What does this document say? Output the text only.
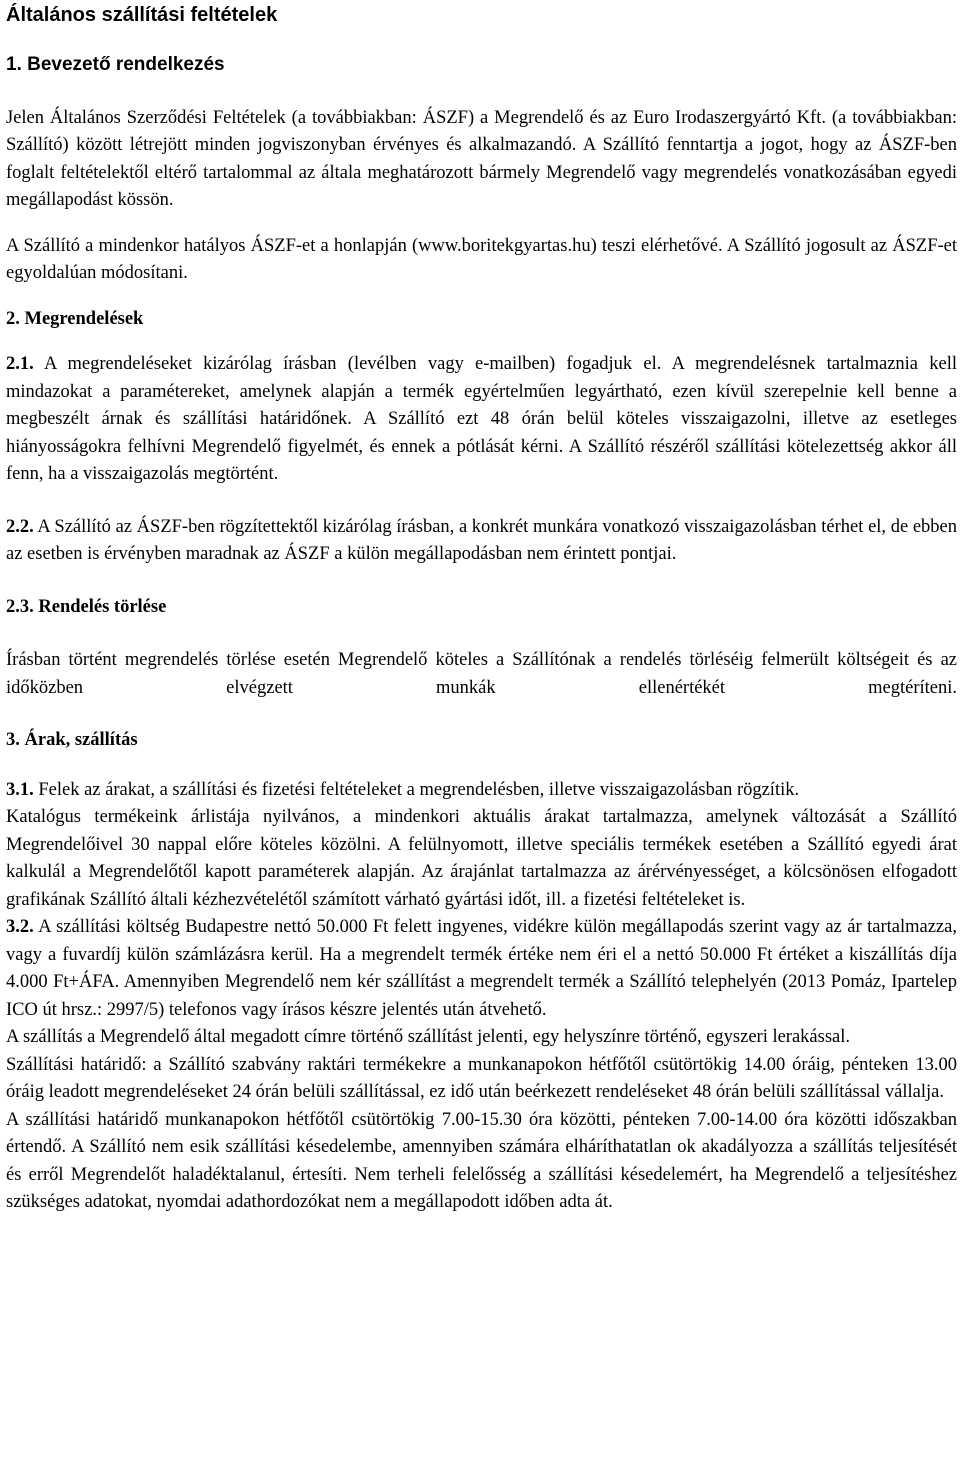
Általános szállítási feltételek
1. Bevezető rendelkezés

Jelen Általános Szerződési Feltételek (a továbbiakban: ÁSZF) a Megrendelő és az Euro Irodaszergyártó Kft. (a továbbiakban: Szállító) között létrejött minden jogviszonyban érvényes és alkalmazandó. A Szállító fenntartja a jogot, hogy az ÁSZF-ben foglalt feltételektől eltérő tartalommal az általa meghatározott bármely Megrendelő vagy megrendelés vonatkozásában egyedi megállapodást kössön.

A Szállító a mindenkor hatályos ÁSZF-et a honlapján (www.boritekgyartas.hu) teszi elérhetővé. A Szállító jogosult az ÁSZF-et egyoldalúan módosítani.

2. Megrendelések

2.1. A megrendeléseket kizárólag írásban (levélben vagy e-mailben) fogadjuk el. A megrendelésnek tartalmaznia kell mindazokat a paramétereket, amelynek alapján a termék egyértelműen legyártható, ezen kívül szerepelnie kell benne a megbeszélt árnak és szállítási határidőnek. A Szállító ezt 48 órán belül köteles visszaigazolni, illetve az esetleges hiányosságokra felhívni Megrendelő figyelmét, és ennek a pótlását kérni. A Szállító részéről szállítási kötelezettség akkor áll fenn, ha a visszaigazolás megtörtént.

2.2. A Szállító az ÁSZF-ben rögzítettektől kizárólag írásban, a konkrét munkára vonatkozó visszaigazolásban térhet el, de ebben az esetben is érvényben maradnak az ÁSZF a külön megállapodásban nem érintett pontjai.

2.3. Rendelés törlése

Írásban történt megrendelés törlése esetén Megrendelő köteles a Szállítónak a rendelés törléséig felmerült költségeit és az időközben elvégzett munkák ellenértékét megtéríteni.

3. Árak, szállítás

3.1. Felek az árakat, a szállítási és fizetési feltételeket a megrendelésben, illetve visszaigazolásban rögzítik.

Katalógus termékeink árlistája nyilvános, a mindenkori aktuális árakat tartalmazza, amelynek változását a Szállító Megrendelőivel 30 nappal előre köteles közölni. A felülnyomott, illetve speciális termékek esetében a Szállító egyedi árat kalkulál a Megrendelőtől kapott paraméterek alapján. Az árajánlat tartalmazza az árérvényességet, a kölcsönösen elfogadott grafikának Szállító általi kézhezvételétől számított várható gyártási időt, ill. a fizetési feltételeket is.

3.2. A szállítási költség Budapestre nettó 50.000 Ft felett ingyenes, vidékre külön megállapodás szerint vagy az ár tartalmazza, vagy a fuvardíj külön számlázásra kerül. Ha a megrendelt termék értéke nem éri el a nettó 50.000 Ft értéket a kiszállítás díja 4.000 Ft+ÁFA. Amennyiben Megrendelő nem kér szállítást a megrendelt termék a Szállító telephelyén (2013 Pomáz, Ipartelep ICO út hrsz.: 2997/5) telefonos vagy írásos készre jelentés után átvehető.

A szállítás a Megrendelő által megadott címre történő szállítást jelenti, egy helyszínre történő, egyszeri lerakással.

Szállítási határidő: a Szállító szabvány raktári termékekre a munkanapokon hétfőtől csütörtökig 14.00 óráig, pénteken 13.00 óráig leadott megrendeléseket 24 órán belüli szállítással, ez idő után beérkezett rendeléseket 48 órán belüli szállítással vállalja.

A szállítási határidő munkanapokon hétfőtől csütörtökig 7.00-15.30 óra közötti, pénteken 7.00-14.00 óra közötti időszakban értendő. A Szállító nem esik szállítási késedelembe, amennyiben számára elháríthatatlan ok akadályozza a szállítás teljesítését és erről Megrendelőt haladéktalanul, értesíti. Nem terheli felelősség a szállítási késedelemért, ha Megrendelő a teljesítéshez szükséges adatokat, nyomdai adathordozókat nem a megállapodott időben adta át.
